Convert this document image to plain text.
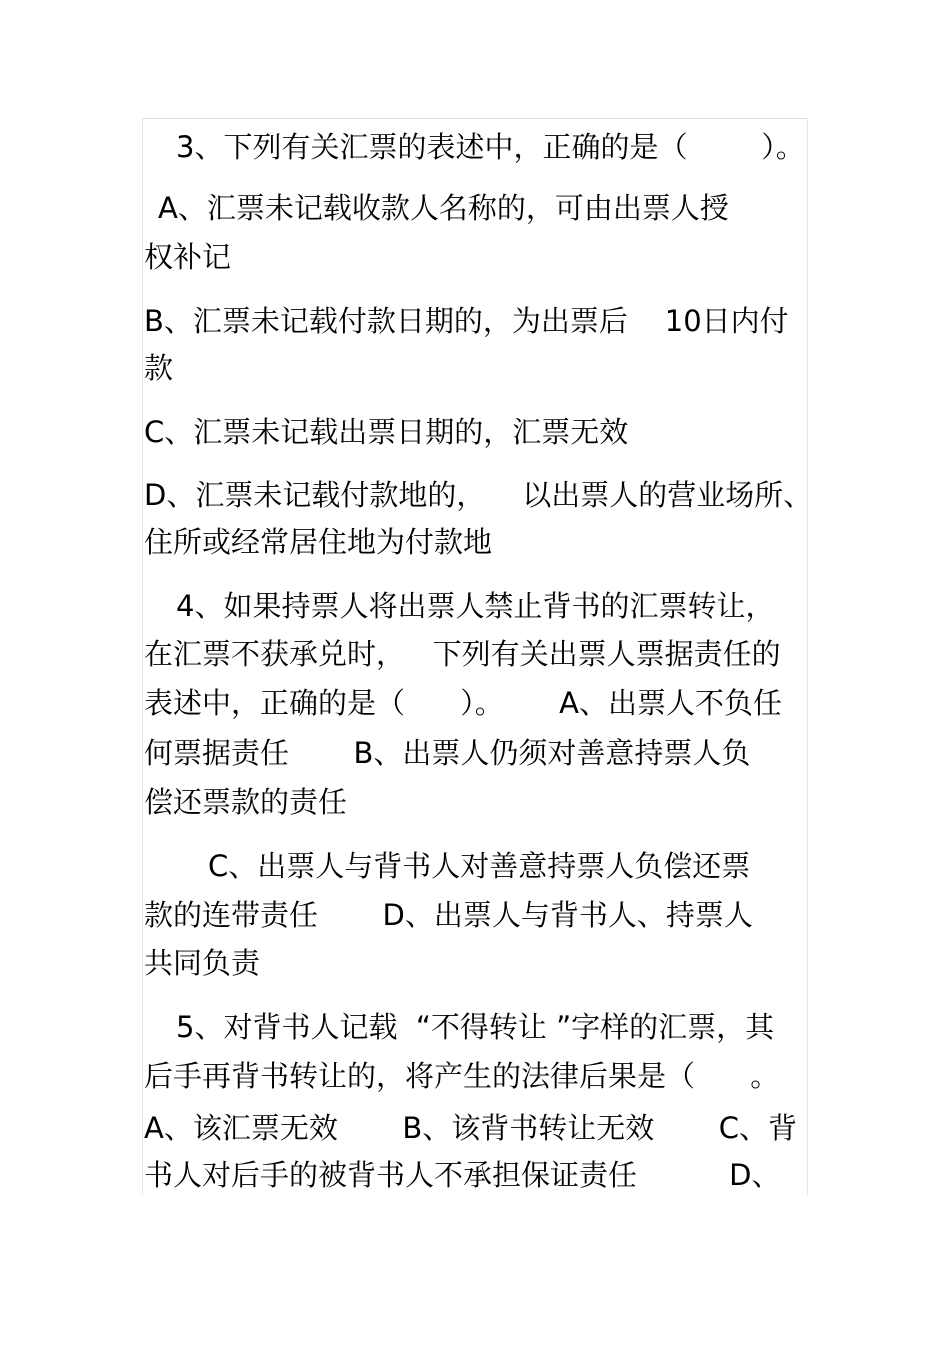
3、下列有关汇票的表述中，正确的是（        ）。
A、汇票未记载收款人名称的，可由出票人授
权补记
B、汇票未记载付款日期的，为出票后    10日内付
款
C、汇票未记载出票日期的，汇票无效
D、汇票未记载付款地的，    以出票人的营业场所、
住所或经常居住地为付款地
4、如果持票人将出票人禁止背书的汇票转让，
在汇票不获承兑时，   下列有关出票人票据责任的
表述中，正确的是（      ）。      A、出票人不负任
何票据责任       B、出票人仍须对善意持票人负
偿还票款的责任
C、出票人与背书人对善意持票人负偿还票
款的连带责任       D、出票人与背书人、持票人
共同负责
5、对背书人记载  “不得转让 ”字样的汇票，其
后手再背书转让的，将产生的法律后果是（      。
A、该汇票无效       B、该背书转让无效       C、背
书人对后手的被背书人不承担保证责任          D、
